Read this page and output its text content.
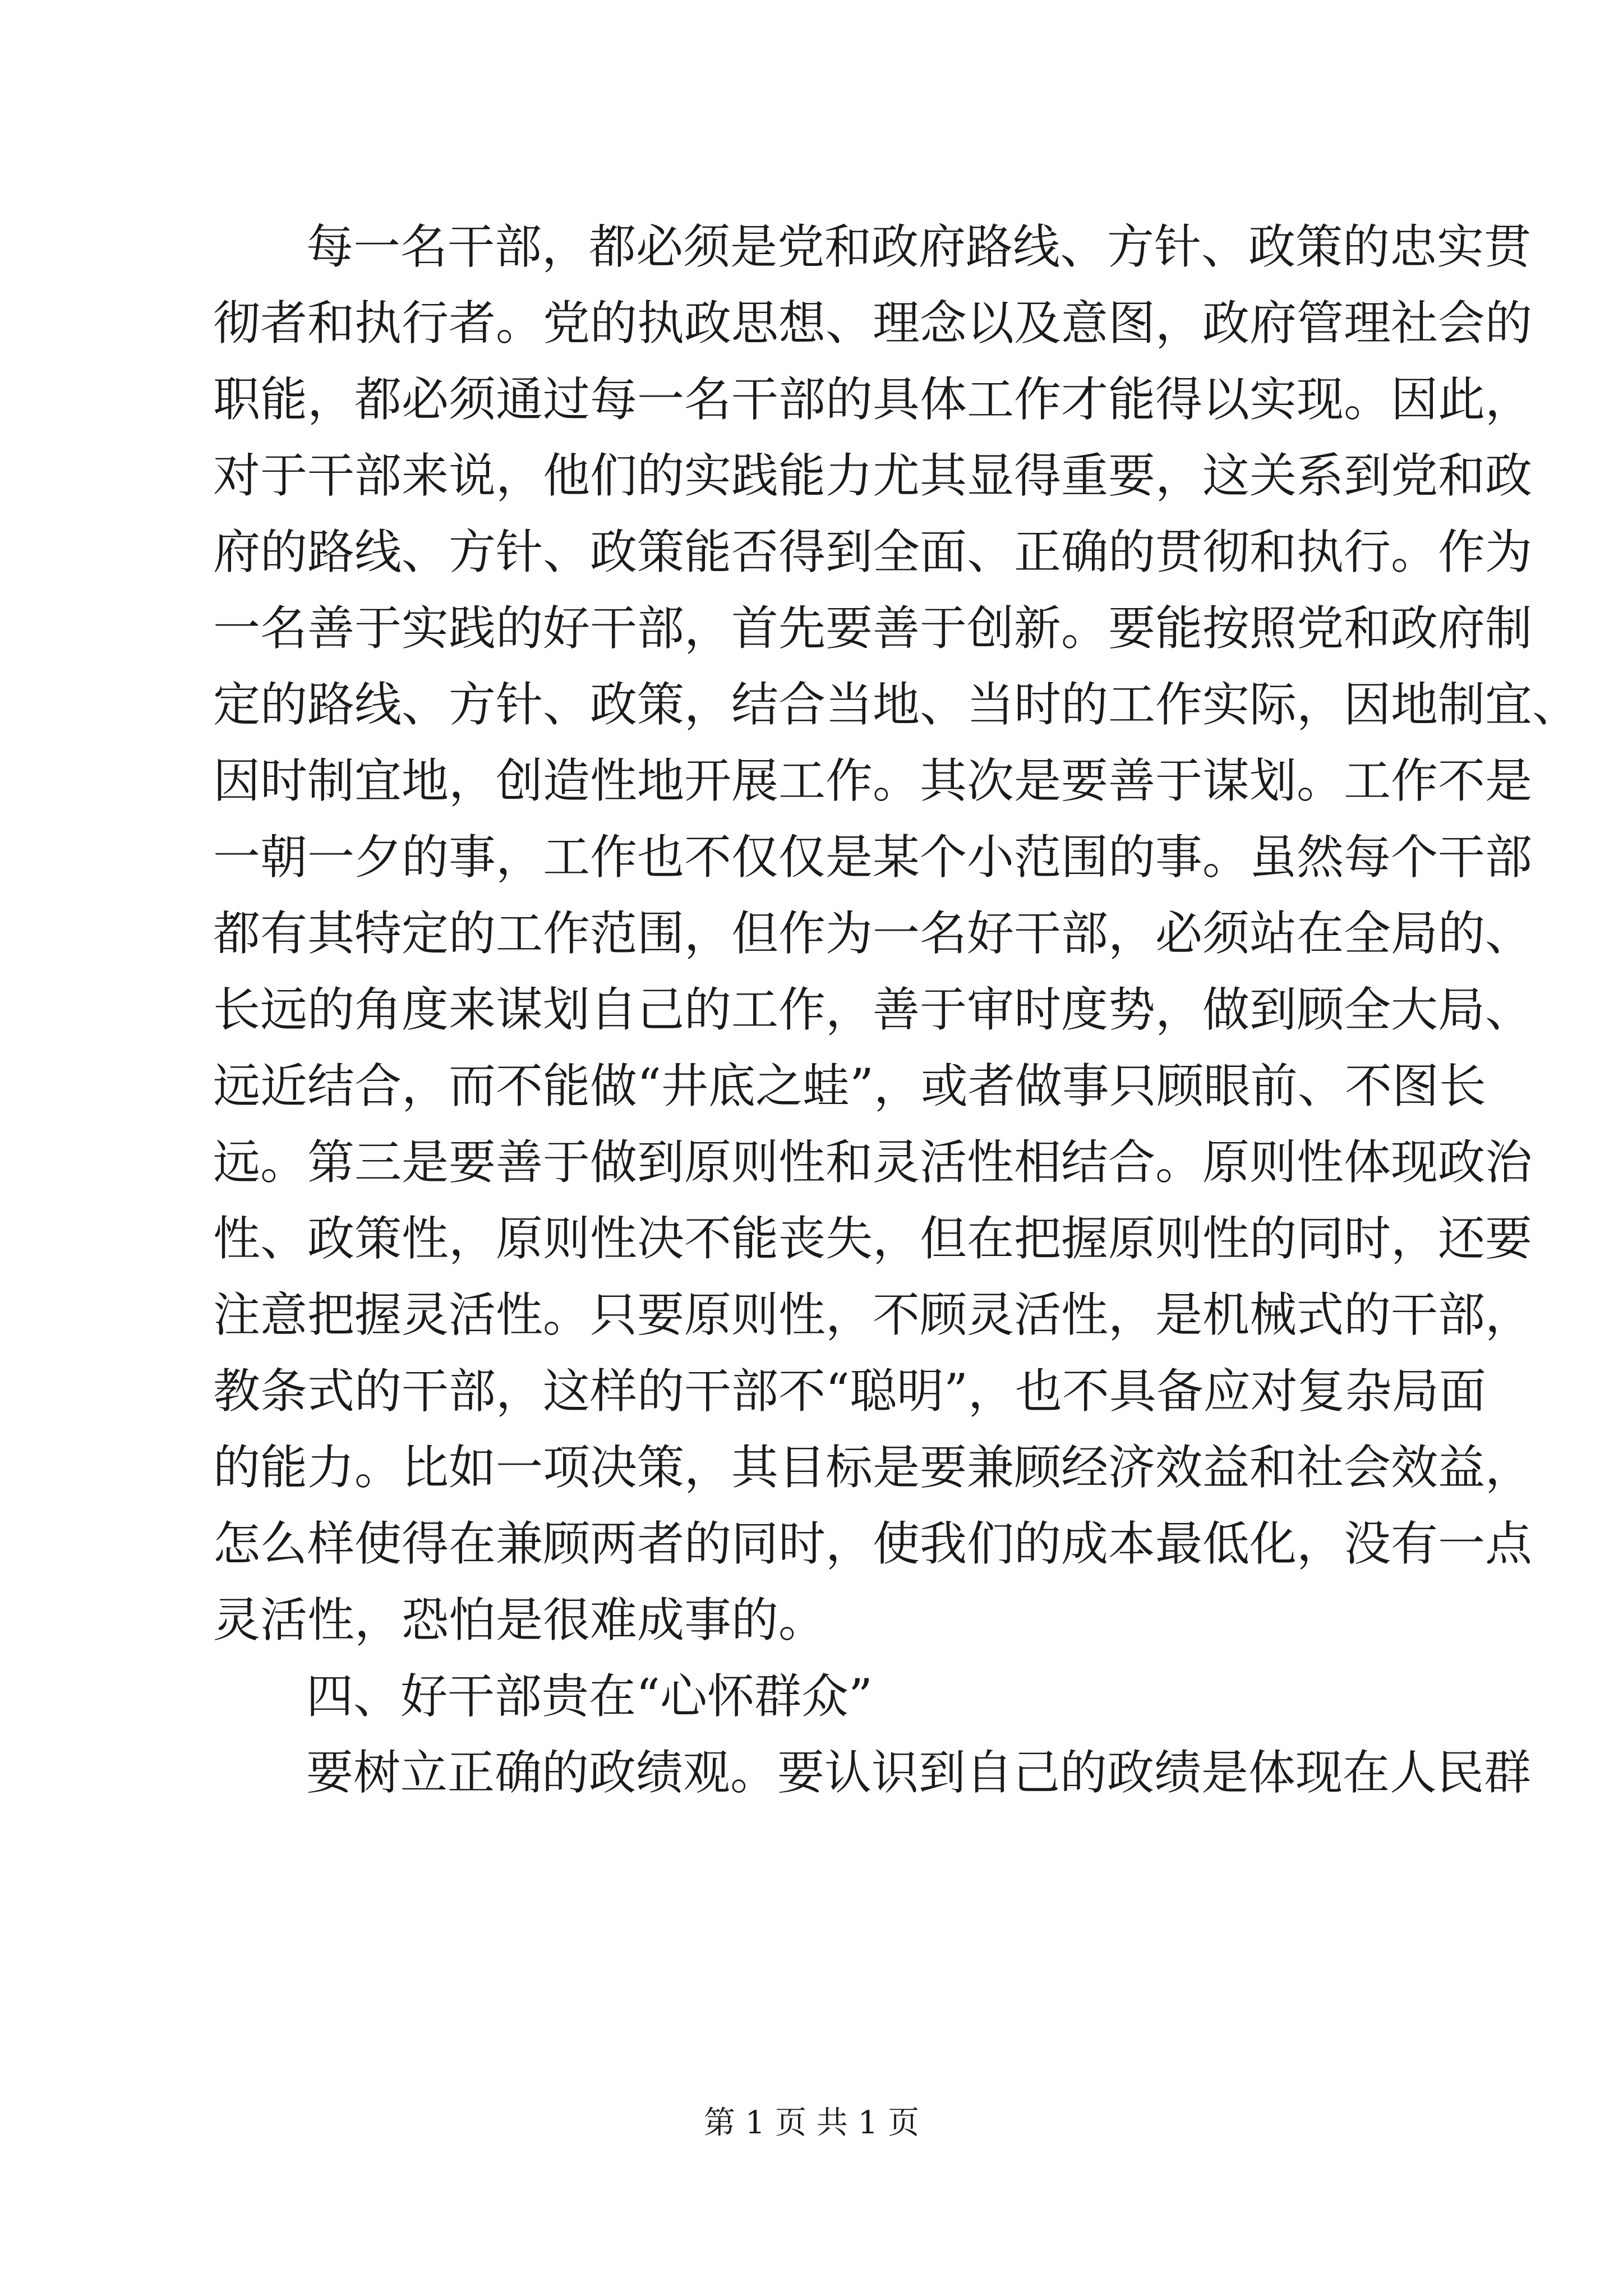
每一名干部，都必须是党和政府路线、方针、政策的忠实贯
彻者和执行者。党的执政思想、理念以及意图，政府管理社会的
职能，都必须通过每一名干部的具体工作才能得以实现。因此，
对于干部来说，他们的实践能力尤其显得重要，这关系到党和政
府的路线、方针、政策能否得到全面、正确的贯彻和执行。作为
一名善于实践的好干部，首先要善于创新。要能按照党和政府制
定的路线、方针、政策，结合当地、当时的工作实际，因地制宜、
因时制宜地，创造性地开展工作。其次是要善于谋划。工作不是
一朝一夕的事，工作也不仅仅是某个小范围的事。虽然每个干部
都有其特定的工作范围，但作为一名好干部，必须站在全局的、
长远的角度来谋划自己的工作，善于审时度势，做到顾全大局、
远近结合，而不能做“井底之蛙”，或者做事只顾眼前、不图长
远。第三是要善于做到原则性和灵活性相结合。原则性体现政治
性、政策性，原则性决不能丧失，但在把握原则性的同时，还要
注意把握灵活性。只要原则性，不顾灵活性，是机械式的干部，
教条式的干部，这样的干部不“聪明”，也不具备应对复杂局面
的能力。比如一项决策，其目标是要兼顾经济效益和社会效益，
怎么样使得在兼顾两者的同时，使我们的成本最低化，没有一点
灵活性，恐怕是很难成事的。
四、好干部贵在“心怀群众”
要树立正确的政绩观。要认识到自己的政绩是体现在人民群
第 1 页 共 1 页
